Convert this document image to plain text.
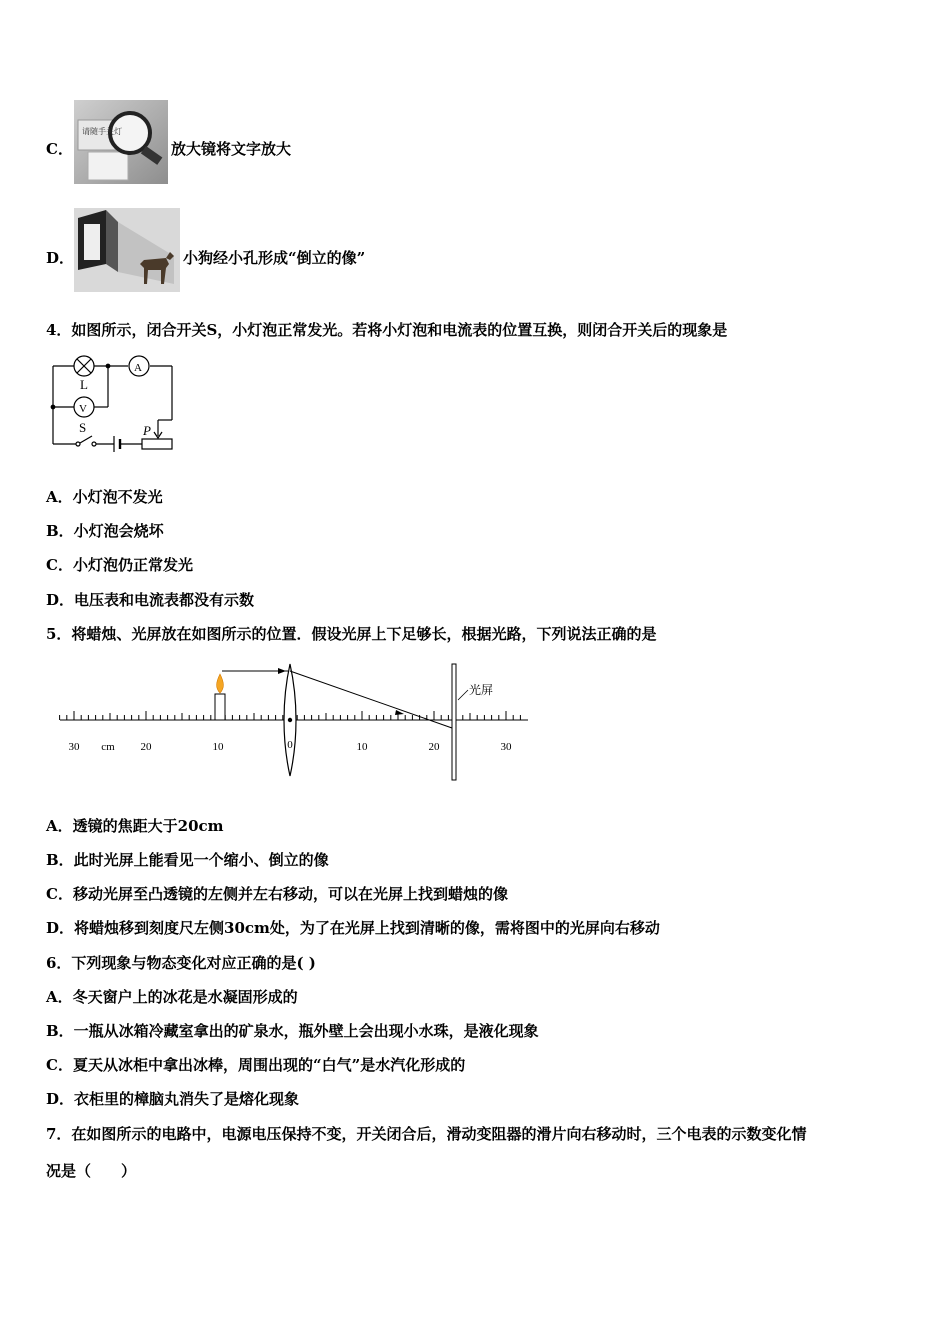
C．
请随手关灯
放大镜将文字放大
D．	小狗经小孔形成“倒立的像”
4．如图所示，闭合开关S，小灯泡正常发光。若将小灯泡和电流表的位置互换，则闭合开关后的现象是
L
A
V
S	P
A．小灯泡不发光
B．小灯泡会烧坏
C．小灯泡仍正常发光
D．电压表和电流表都没有示数
5．将蜡烛、光屏放在如图所示的位置．假设光屏上下足够长，根据光路，下列说法正确的是
光屏
30 cm 20	10	0	10	20	30
A．透镜的焦距大于20cm
B．此时光屏上能看见一个缩小、倒立的像
C．移动光屏至凸透镜的左侧并左右移动，可以在光屏上找到蜡烛的像
D．将蜡烛移到刻度尺左侧30cm处，为了在光屏上找到清晰的像，需将图中的光屏向右移动
6．下列现象与物态变化对应正确的是( )
A．冬天窗户上的冰花是水凝固形成的
B．一瓶从冰箱冷藏室拿出的矿泉水，瓶外壁上会出现小水珠，是液化现象
C．夏天从冰柜中拿出冰棒，周围出现的“白气”是水汽化形成的
D．衣柜里的樟脑丸消失了是熔化现象
7．在如图所示的电路中，电源电压保持不变，开关闭合后，滑动变阻器的滑片向右移动时，三个电表的示数变化情
况是（　　）
